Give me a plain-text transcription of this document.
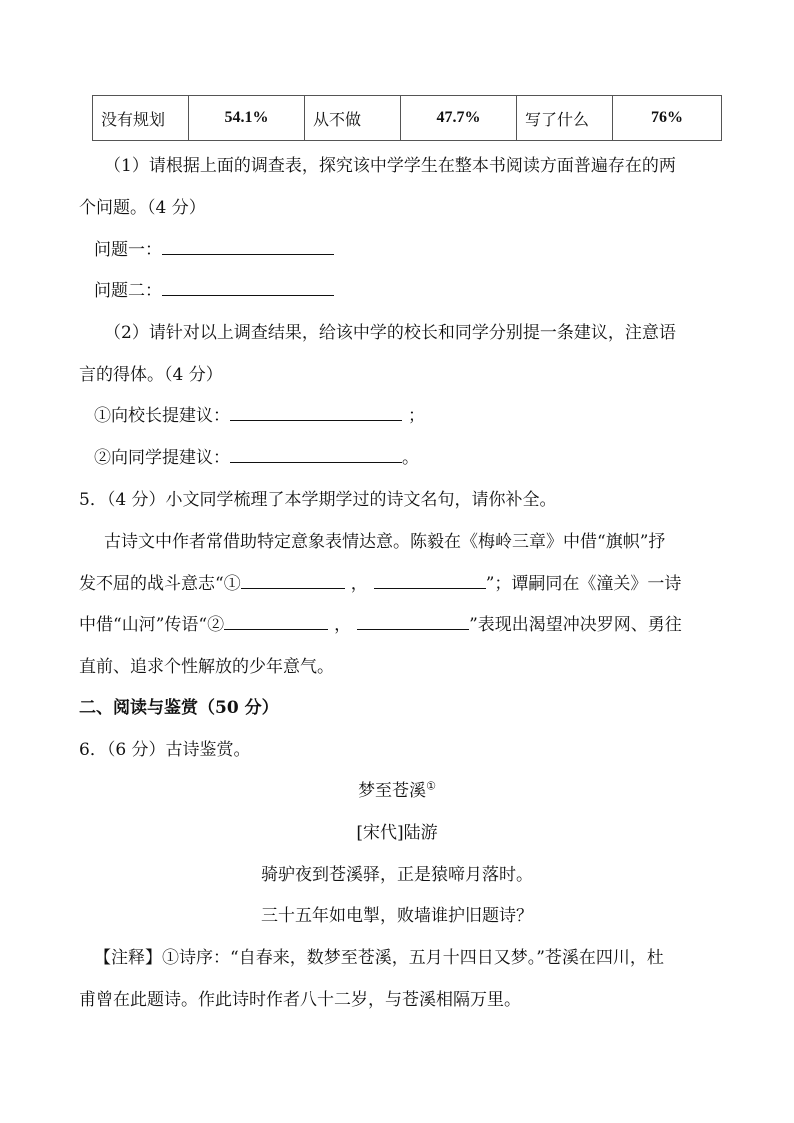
没有规划	54.1%	从不做	47.7%	写了什么	76%
（1）请根据上面的调查表，探究该中学学生在整本书阅读方面普遍存在的两
个问题。（4 分）
问题一：
问题二：
（2）请针对以上调查结果，给该中学的校长和同学分别提一条建议，注意语
言的得体。（4 分）
①向校长提建议：	；
②向同学提建议：	。
5．（4 分）小文同学梳理了本学期学过的诗文名句，请你补全。
古诗文中作者常借助特定意象表情达意。陈毅在《梅岭三章》中借“旗帜”抒
发不屈的战斗意志“①	，	”；谭嗣同在《潼关》一诗
中借“山河”传语“②	，	”表现出渴望冲决罗网、勇往
直前、追求个性解放的少年意气。
二、阅读与鉴赏（50 分）
6．（6 分）古诗鉴赏。
梦至苍溪①
[宋代]陆游
骑驴夜到苍溪驿，正是猿啼月落时。
三十五年如电掣，败墙谁护旧题诗？
【注释】①诗序：“自春来，数梦至苍溪，五月十四日又梦。”苍溪在四川，杜
甫曾在此题诗。作此诗时作者八十二岁，与苍溪相隔万里。
